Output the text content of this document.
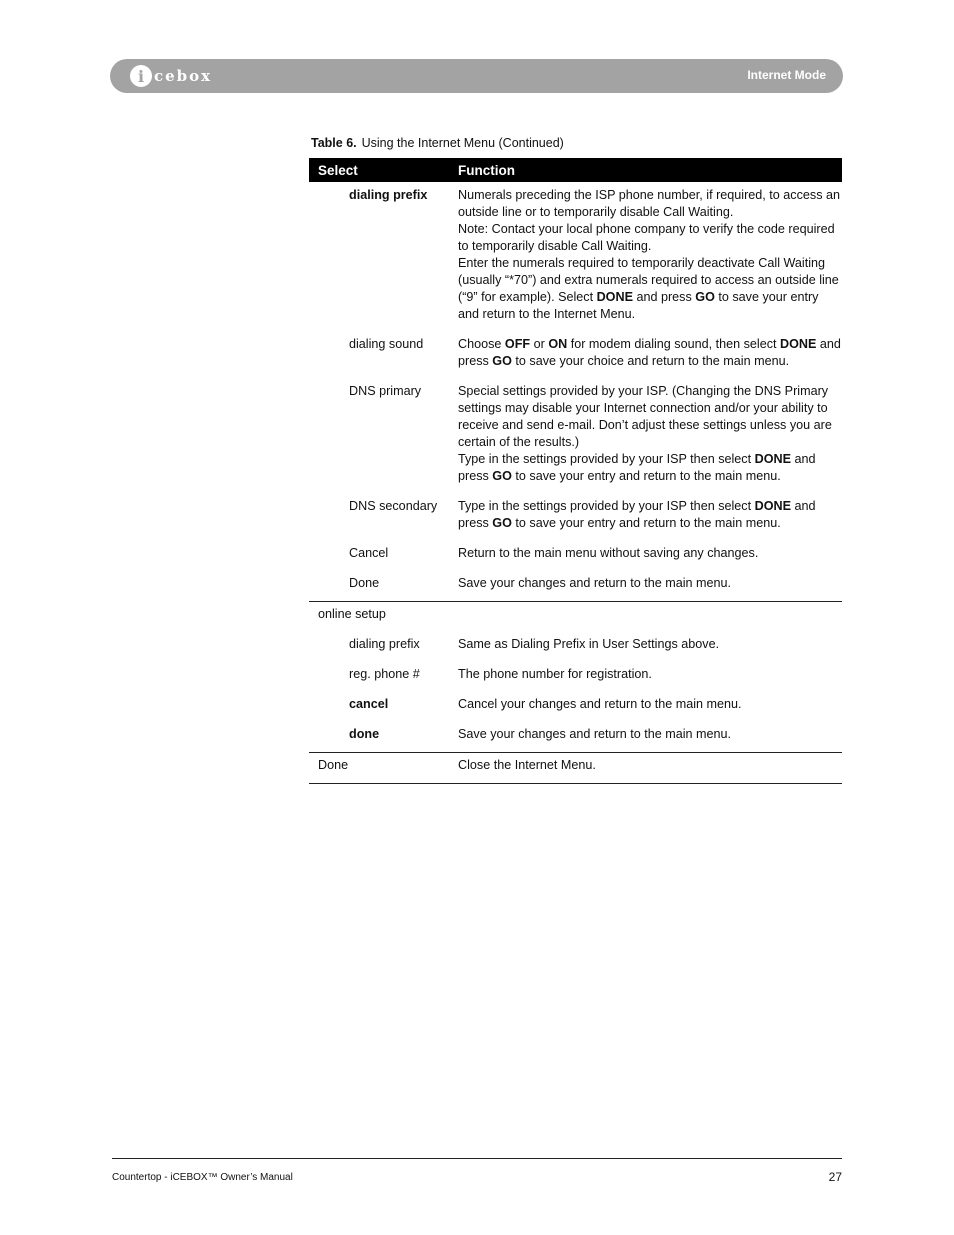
i cebox	Internet Mode
Table 6. Using the Internet Menu (Continued)
Select	Function
dialing prefix	Numerals preceding the ISP phone number, if required, to access an outside line or to temporarily disable Call Waiting.
Note: Contact your local phone company to verify the code required to temporarily disable Call Waiting.
Enter the numerals required to temporarily deactivate Call Waiting (usually “*70”) and extra numerals required to access an outside line (“9” for example). Select DONE and press GO to save your entry and return to the Internet Menu.

dialing sound	Choose OFF or ON for modem dialing sound, then select DONE and press GO to save your choice and return to the main menu.
DNS primary	Special settings provided by your ISP. (Changing the DNS Primary settings may disable your Internet connection and/or your ability to receive and send e-mail. Don’t adjust these settings unless you are certain of the results.)
Type in the settings provided by your ISP then select DONE and press GO to save your entry and return to the main menu.

DNS secondary	Type in the settings provided by your ISP then select DONE and press GO to save your entry and return to the main menu.
Cancel	Return to the main menu without saving any changes.
Done	Save your changes and return to the main menu.
online setup	
dialing prefix	Same as Dialing Prefix in User Settings above.
reg. phone #	The phone number for registration.
cancel	Cancel your changes and return to the main menu.
done	Save your changes and return to the main menu.
Done	Close the Internet Menu.
Countertop - iCEBOX™ Owner’s Manual	27
